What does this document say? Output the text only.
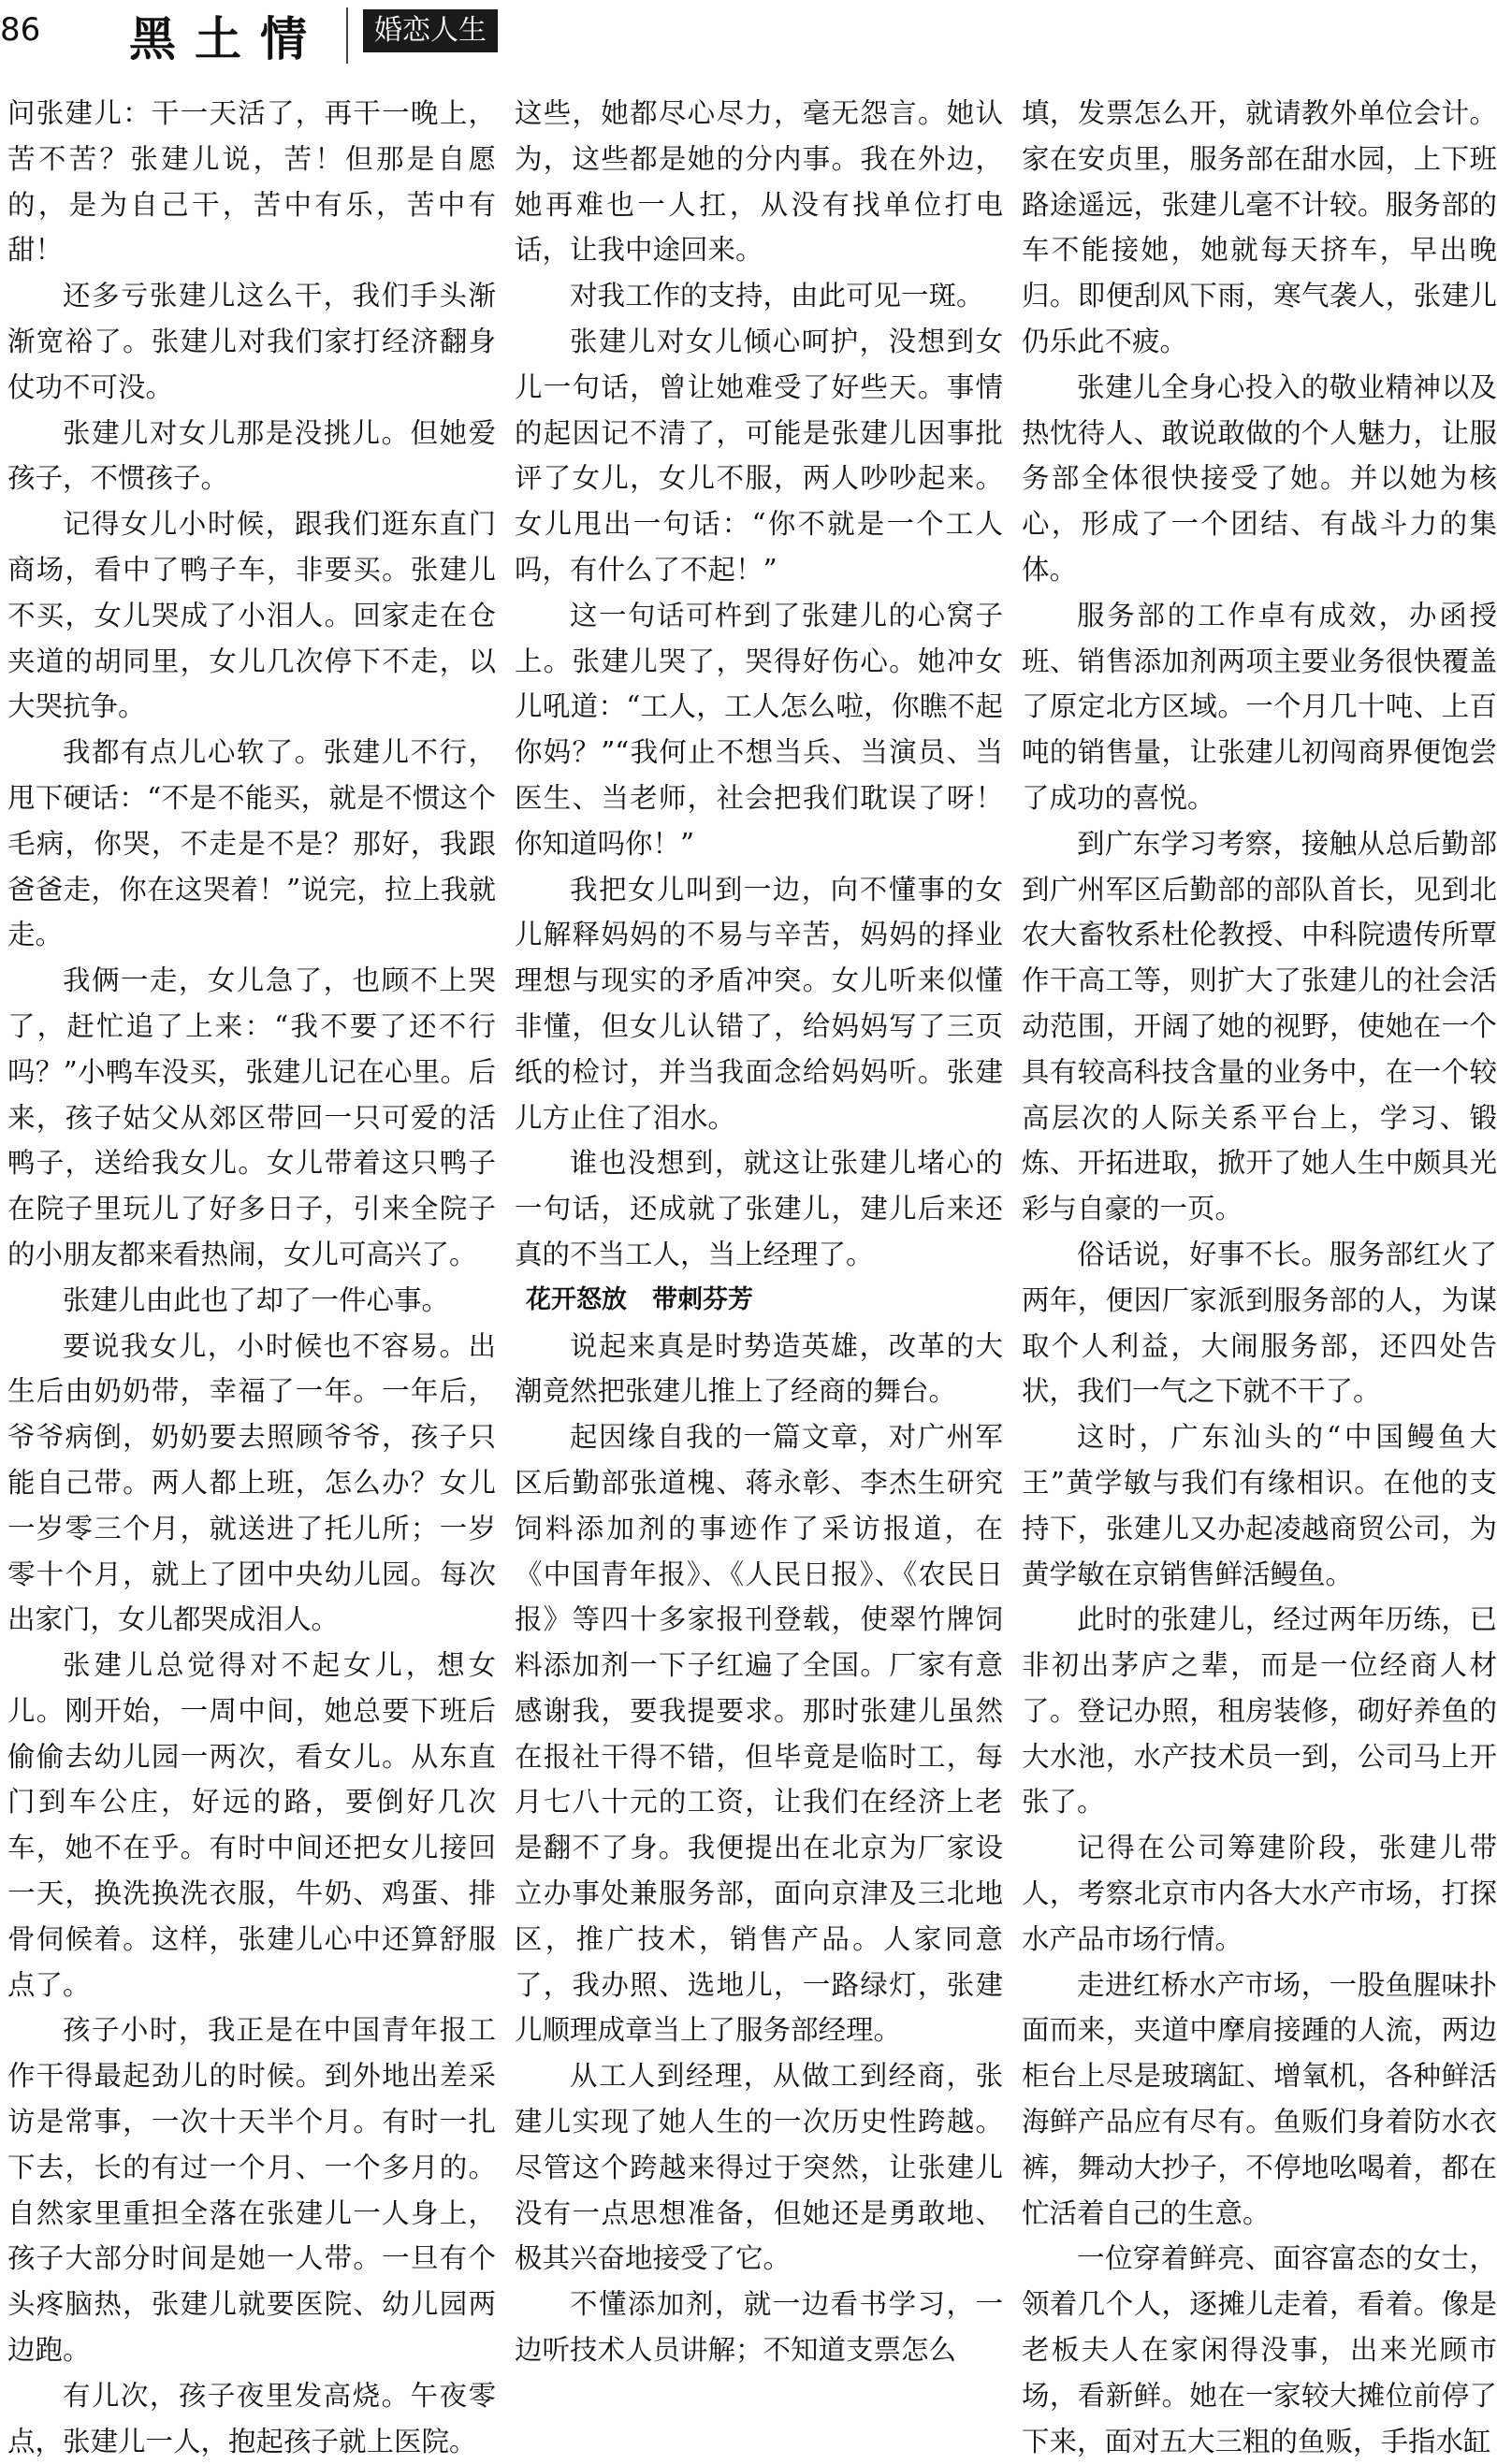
86 黑土情	婚恋人生

问张建儿：干一天活了，再干一晚上，苦不苦？张建儿说，苦！但那是自愿的，是为自己干，苦中有乐，苦中有甜！

还多亏张建儿这么干，我们手头渐渐宽裕了。张建儿对我们家打经济翻身仗功不可没。

张建儿对女儿那是没挑儿。但她爱孩子，不惯孩子。

记得女儿小时候，跟我们逛东直门商场，看中了鸭子车，非要买。张建儿不买，女儿哭成了小泪人。回家走在仓夹道的胡同里，女儿几次停下不走，以大哭抗争。

我都有点儿心软了。张建儿不行，甩下硬话：“不是不能买，就是不惯这个毛病，你哭，不走是不是？那好，我跟爸爸走，你在这哭着！”说完，拉上我就走。

我俩一走，女儿急了，也顾不上哭了，赶忙追了上来：“我不要了还不行吗？”小鸭车没买，张建儿记在心里。后来，孩子姑父从郊区带回一只可爱的活鸭子，送给我女儿。女儿带着这只鸭子在院子里玩儿了好多日子，引来全院子的小朋友都来看热闹，女儿可高兴了。

张建儿由此也了却了一件心事。

要说我女儿，小时候也不容易。出生后由奶奶带，幸福了一年。一年后，爷爷病倒，奶奶要去照顾爷爷，孩子只能自己带。两人都上班，怎么办？女儿一岁零三个月，就送进了托儿所；一岁零十个月，就上了团中央幼儿园。每次出家门，女儿都哭成泪人。

张建儿总觉得对不起女儿，想女儿。刚开始，一周中间，她总要下班后偷偷去幼儿园一两次，看女儿。从东直门到车公庄，好远的路，要倒好几次车，她不在乎。有时中间还把女儿接回一天，换洗换洗衣服，牛奶、鸡蛋、排骨伺候着。这样，张建儿心中还算舒服点了。

孩子小时，我正是在中国青年报工作干得最起劲儿的时候。到外地出差采访是常事，一次十天半个月。有时一扎下去，长的有过一个月、一个多月的。自然家里重担全落在张建儿一人身上，孩子大部分时间是她一人带。一旦有个头疼脑热，张建儿就要医院、幼儿园两边跑。

有儿次，孩子夜里发高烧。午夜零点，张建儿一人，抱起孩子就上医院。

这些，她都尽心尽力，毫无怨言。她认为，这些都是她的分内事。我在外边，她再难也一人扛，从没有找单位打电话，让我中途回来。

对我工作的支持，由此可见一斑。

张建儿对女儿倾心呵护，没想到女儿一句话，曾让她难受了好些天。事情的起因记不清了，可能是张建儿因事批评了女儿，女儿不服，两人吵吵起来。女儿甩出一句话：“你不就是一个工人吗，有什么了不起！”

这一句话可杵到了张建儿的心窝子上。张建儿哭了，哭得好伤心。她冲女儿吼道：“工人，工人怎么啦，你瞧不起你妈？”“我何止不想当兵、当演员、当医生、当老师，社会把我们耽误了呀！你知道吗你！”

我把女儿叫到一边，向不懂事的女儿解释妈妈的不易与辛苦，妈妈的择业理想与现实的矛盾冲突。女儿听来似懂非懂，但女儿认错了，给妈妈写了三页纸的检讨，并当我面念给妈妈听。张建儿方止住了泪水。

谁也没想到，就这让张建儿堵心的一句话，还成就了张建儿，建儿后来还真的不当工人，当上经理了。

花开怒放　带刺芬芳

说起来真是时势造英雄，改革的大潮竟然把张建儿推上了经商的舞台。

起因缘自我的一篇文章，对广州军区后勤部张道槐、蒋永彰、李杰生研究饲料添加剂的事迹作了采访报道，在《中国青年报》、《人民日报》、《农民日报》等四十多家报刊登载，使翠竹牌饲料添加剂一下子红遍了全国。厂家有意感谢我，要我提要求。那时张建儿虽然在报社干得不错，但毕竟是临时工，每月七八十元的工资，让我们在经济上老是翻不了身。我便提出在北京为厂家设立办事处兼服务部，面向京津及三北地区，推广技术，销售产品。人家同意了，我办照、选地儿，一路绿灯，张建儿顺理成章当上了服务部经理。

从工人到经理，从做工到经商，张建儿实现了她人生的一次历史性跨越。尽管这个跨越来得过于突然，让张建儿没有一点思想准备，但她还是勇敢地、极其兴奋地接受了它。

不懂添加剂，就一边看书学习，一边听技术人员讲解；不知道支票怎么

填，发票怎么开，就请教外单位会计。家在安贞里，服务部在甜水园，上下班路途遥远，张建儿毫不计较。服务部的车不能接她，她就每天挤车，早出晚归。即便刮风下雨，寒气袭人，张建儿仍乐此不疲。

张建儿全身心投入的敬业精神以及热忱待人、敢说敢做的个人魅力，让服务部全体很快接受了她。并以她为核心，形成了一个团结、有战斗力的集体。

服务部的工作卓有成效，办函授班、销售添加剂两项主要业务很快覆盖了原定北方区域。一个月几十吨、上百吨的销售量，让张建儿初闯商界便饱尝了成功的喜悦。

到广东学习考察，接触从总后勤部到广州军区后勤部的部队首长，见到北农大畜牧系杜伦教授、中科院遗传所覃作干高工等，则扩大了张建儿的社会活动范围，开阔了她的视野，使她在一个具有较高科技含量的业务中，在一个较高层次的人际关系平台上，学习、锻炼、开拓进取，掀开了她人生中颇具光彩与自豪的一页。

俗话说，好事不长。服务部红火了两年，便因厂家派到服务部的人，为谋取个人利益，大闹服务部，还四处告状，我们一气之下就不干了。

这时，广东汕头的“中国鳗鱼大王”黄学敏与我们有缘相识。在他的支持下，张建儿又办起凌越商贸公司，为黄学敏在京销售鲜活鳗鱼。

此时的张建儿，经过两年历练，已非初出茅庐之辈，而是一位经商人材了。登记办照，租房装修，砌好养鱼的大水池，水产技术员一到，公司马上开张了。

记得在公司筹建阶段，张建儿带人，考察北京市内各大水产市场，打探水产品市场行情。

走进红桥水产市场，一股鱼腥味扑面而来，夹道中摩肩接踵的人流，两边柜台上尽是玻璃缸、增氧机，各种鲜活海鲜产品应有尽有。鱼贩们身着防水衣裤，舞动大抄子，不停地吆喝着，都在忙活着自己的生意。

一位穿着鲜亮、面容富态的女士，领着几个人，逐摊儿走着，看着。像是老板夫人在家闲得没事，出来光顾市场，看新鲜。她在一家较大摊位前停了下来，面对五大三粗的鱼贩，手指水缸
